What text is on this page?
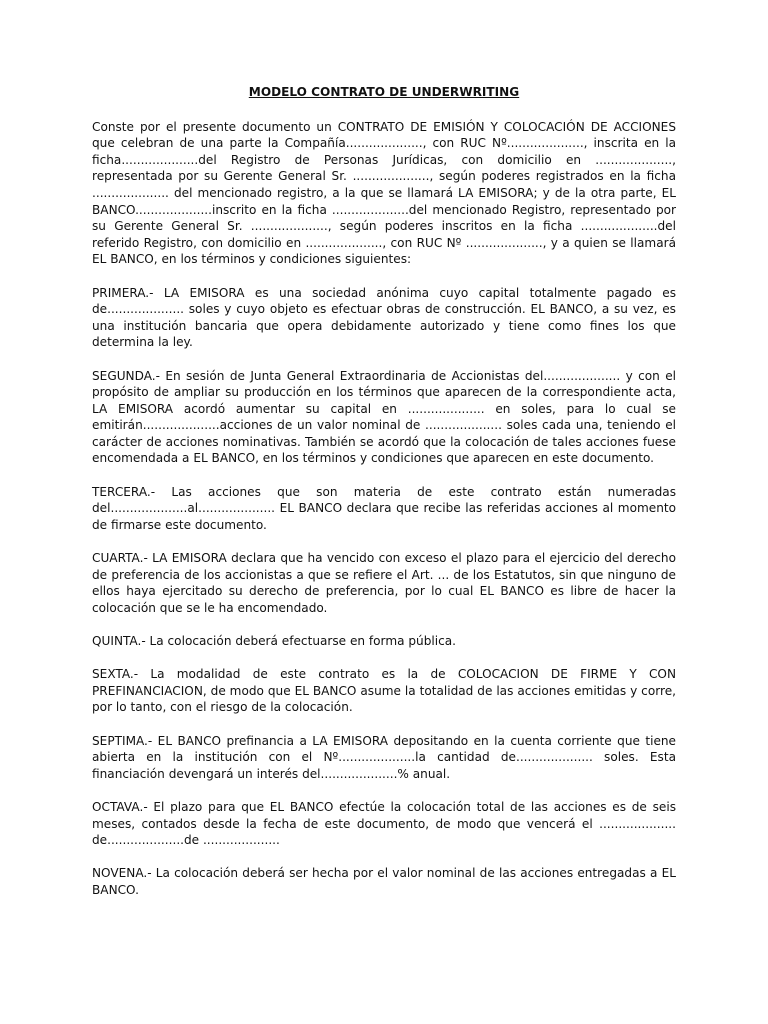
MODELO CONTRATO DE UNDERWRITING

Conste por el presente documento un CONTRATO DE EMISIÓN Y COLOCACIÓN DE ACCIONES que celebran de una parte la Compañía...................., con RUC Nº...................., inscrita en la ficha....................del Registro de Personas Jurídicas, con domicilio en ...................., representada por su Gerente General Sr. ...................., según poderes registrados en la ficha .................... del mencionado registro, a la que se llamará LA EMISORA; y de la otra parte, EL BANCO....................inscrito en la ficha ....................del mencionado Registro, representado por su Gerente General Sr. ...................., según poderes inscritos en la ficha ....................del referido Registro, con domicilio en ...................., con RUC Nº ...................., y a quien se llamará EL BANCO, en los términos y condiciones siguientes:

PRIMERA.- LA EMISORA es una sociedad anónima cuyo capital totalmente pagado es de.................... soles y cuyo objeto es efectuar obras de construcción. EL BANCO, a su vez, es una institución bancaria que opera debidamente autorizado y tiene como fines los que determina la ley.

SEGUNDA.- En sesión de Junta General Extraordinaria de Accionistas del.................... y con el propósito de ampliar su producción en los términos que aparecen de la correspondiente acta, LA EMISORA acordó aumentar su capital en .................... en soles, para lo cual se emitirán....................acciones de un valor nominal de .................... soles cada una, teniendo el carácter de acciones nominativas. También se acordó que la colocación de tales acciones fuese encomendada a EL BANCO, en los términos y condiciones que aparecen en este documento.

TERCERA.- Las acciones que son materia de este contrato están numeradas del....................al.................... EL BANCO declara que recibe las referidas acciones al momento de firmarse este documento.

CUARTA.- LA EMISORA declara que ha vencido con exceso el plazo para el ejercicio del derecho de preferencia de los accionistas a que se refiere el Art. ... de los Estatutos, sin que ninguno de ellos haya ejercitado su derecho de preferencia, por lo cual EL BANCO es libre de hacer la colocación que se le ha encomendado.

QUINTA.- La colocación deberá efectuarse en forma pública.

SEXTA.- La modalidad de este contrato es la de COLOCACION DE FIRME Y CON PREFINANCIACION, de modo que EL BANCO asume la totalidad de las acciones emitidas y corre, por lo tanto, con el riesgo de la colocación.

SEPTIMA.- EL BANCO prefinancia a LA EMISORA depositando en la cuenta corriente que tiene abierta en la institución con el Nº....................la cantidad de.................... soles. Esta financiación devengará un interés del....................% anual.

OCTAVA.- El plazo para que EL BANCO efectúe la colocación total de las acciones es de seis meses, contados desde la fecha de este documento, de modo que vencerá el .................... de....................de ....................

NOVENA.- La colocación deberá ser hecha por el valor nominal de las acciones entregadas a EL BANCO.
